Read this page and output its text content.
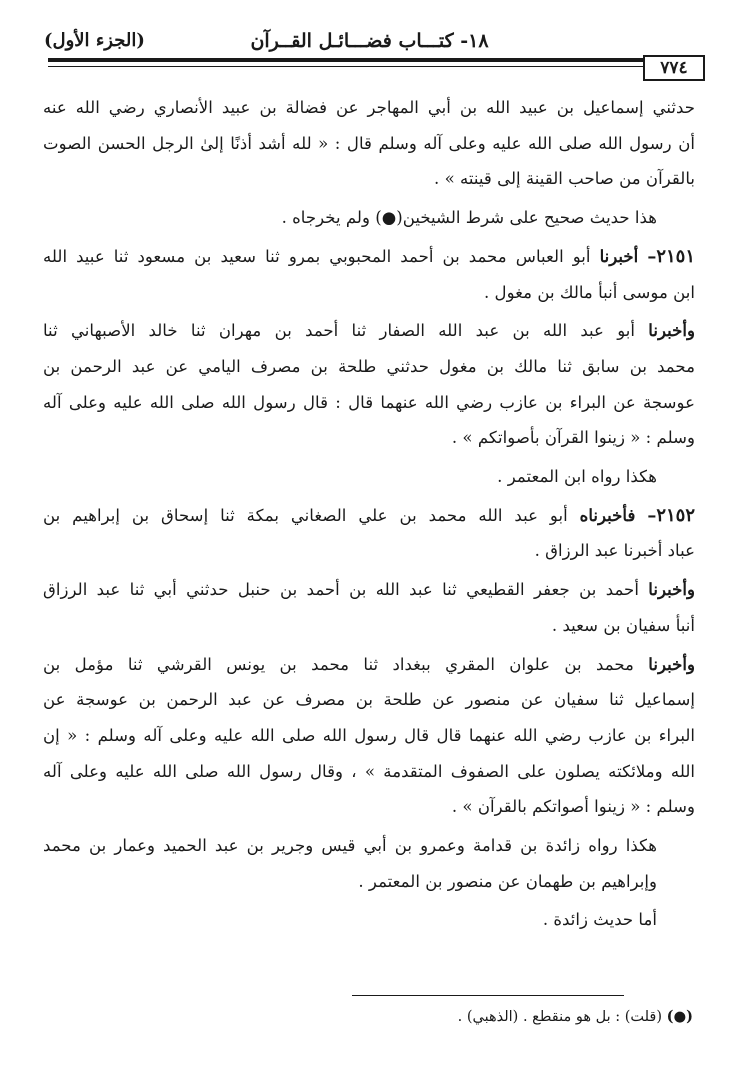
١٨- كتـــاب فضـــائـل القــرآن
(الجزء الأول)
٧٧٤

حدثني إسماعيل بن عبيد الله بن أبي المهاجر عن فضالة بن عبيد الأنصاري رضي الله عنه
أن رسول الله صلى الله عليه وعلى آله وسلم قال : « لله أشد أذنًا إلىٰ الرجل الحسن الصوت
بالقرآن من صاحب القينة إلى قينته » .

هذا حديث صحيح على شرط الشيخين(●) ولم يخرجاه .

٢١٥١– أخبرنا أبو العباس محمد بن أحمد المحبوبي بمرو ثنا سعيد بن مسعود ثنا عبيد الله
ابن موسى أنبأ مالك بن مغول .

وأخبرنا أبو عبد الله بن عبد الله الصفار ثنا أحمد بن مهران ثنا خالد الأصبهاني ثنا
محمد بن سابق ثنا مالك بن مغول حدثني طلحة بن مصرف اليامي عن عبد الرحمن بن
عوسجة عن البراء بن عازب رضي الله عنهما قال : قال رسول الله صلى الله عليه وعلى آله
وسلم : « زينوا القرآن بأصواتكم » .

هكذا رواه ابن المعتمر .

٢١٥٢– فأخبرناه أبو عبد الله محمد بن علي الصغاني بمكة ثنا إسحاق بن إبراهيم بن
عباد أخبرنا عبد الرزاق .

وأخبرنا أحمد بن جعفر القطيعي ثنا عبد الله بن أحمد بن حنبل حدثني أبي ثنا عبد الرزاق
أنبأ سفيان بن سعيد .

وأخبرنا محمد بن علوان المقري ببغداد ثنا محمد بن يونس القرشي ثنا مؤمل بن
إسماعيل ثنا سفيان عن منصور عن طلحة بن مصرف عن عبد الرحمن بن عوسجة عن
البراء بن عازب رضي الله عنهما قال قال رسول الله صلى الله عليه وعلى آله وسلم : « إن
الله وملائكته يصلون على الصفوف المتقدمة » ، وقال رسول الله صلى الله عليه وعلى آله
وسلم : « زينوا أصواتكم بالقرآن » .

هكذا رواه زائدة بن قدامة وعمرو بن أبي قيس وجرير بن عبد الحميد وعمار بن محمد
وإبراهيم بن طهمان عن منصور بن المعتمر .

أما حديث زائدة .

(●) (قلت) : بل هو منقطع . (الذهبي) .
